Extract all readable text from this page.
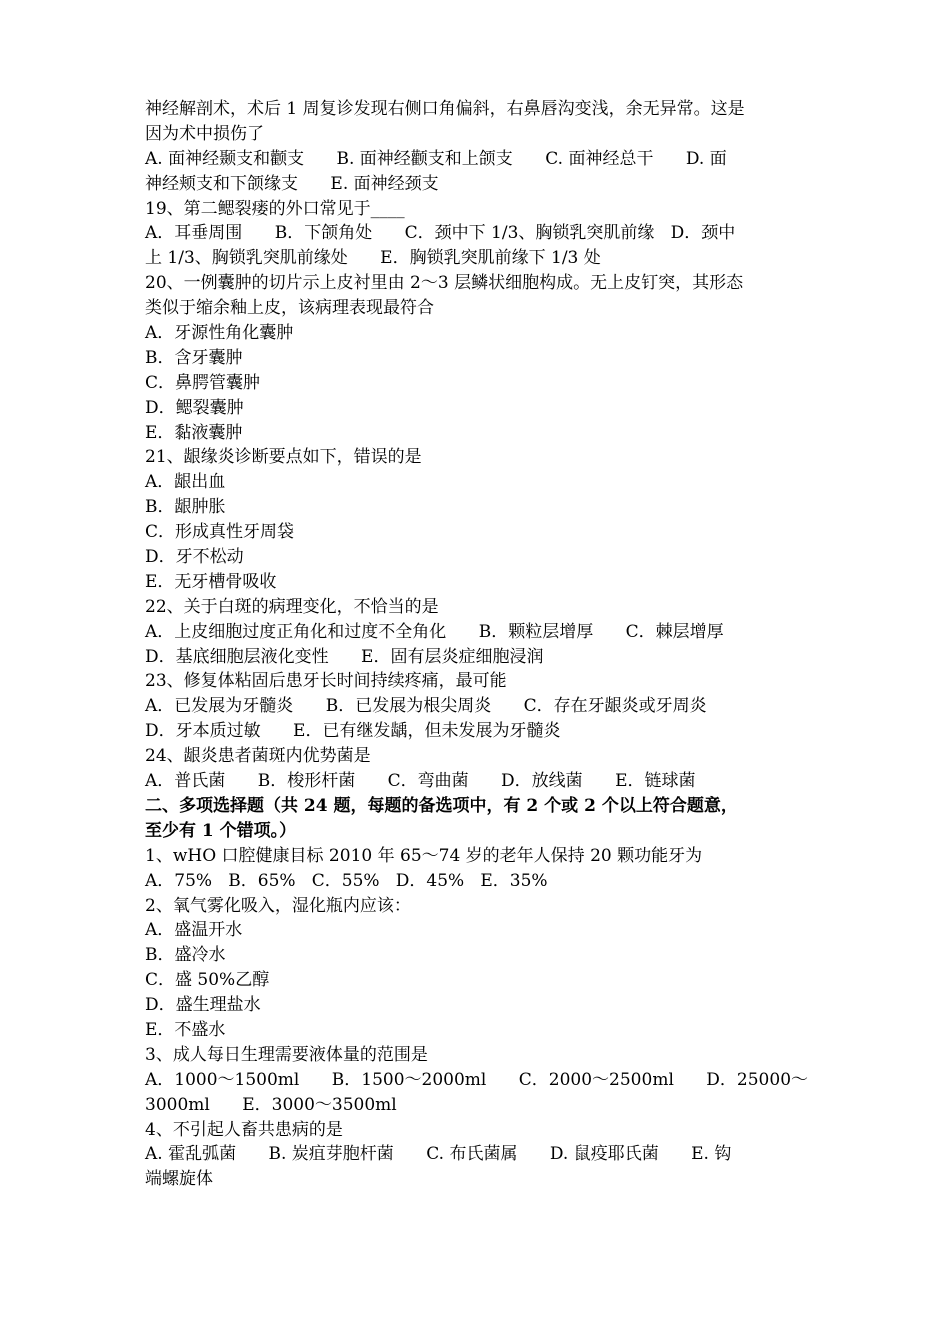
神经解剖术，术后 1 周复诊发现右侧口角偏斜，右鼻唇沟变浅，余无异常。这是
因为术中损伤了
A. 面神经颞支和颧支      B. 面神经颧支和上颌支      C. 面神经总干      D. 面
神经颊支和下颌缘支      E. 面神经颈支
19、第二鳃裂瘘的外口常见于____
A．耳垂周围      B．下颌角处      C．颈中下 1/3、胸锁乳突肌前缘   D．颈中
上 1/3、胸锁乳突肌前缘处      E．胸锁乳突肌前缘下 1/3 处
20、一例囊肿的切片示上皮衬里由 2～3 层鳞状细胞构成。无上皮钉突，其形态
类似于缩余釉上皮，该病理表现最符合
A．牙源性角化囊肿
B．含牙囊肿
C．鼻腭管囊肿
D．鳃裂囊肿
E．黏液囊肿
21、龈缘炎诊断要点如下，错误的是
A．龈出血
B．龈肿胀
C．形成真性牙周袋
D．牙不松动
E．无牙槽骨吸收
22、关于白斑的病理变化，不恰当的是
A．上皮细胞过度正角化和过度不全角化      B．颗粒层增厚      C．棘层增厚
D．基底细胞层液化变性      E．固有层炎症细胞浸润
23、修复体粘固后患牙长时间持续疼痛，最可能
A．已发展为牙髓炎      B．已发展为根尖周炎      C．存在牙龈炎或牙周炎
D．牙本质过敏      E．已有继发龋，但未发展为牙髓炎
24、龈炎患者菌斑内优势菌是
A．普氏菌      B．梭形杆菌      C．弯曲菌      D．放线菌      E．链球菌
二、多项选择题（共 24 题，每题的备选项中，有 2 个或 2 个以上符合题意，
至少有 1 个错项。）
1、wHO 口腔健康目标 2010 年 65～74 岁的老年人保持 20 颗功能牙为
A．75%   B．65%   C．55%   D．45%   E．35%
2、氧气雾化吸入，湿化瓶内应该：
A．盛温开水
B．盛冷水
C．盛 50%乙醇
D．盛生理盐水
E．不盛水
3、成人每日生理需要液体量的范围是
A．1000～1500ml      B．1500～2000ml      C．2000～2500ml      D．25000～
3000ml      E．3000～3500ml
4、不引起人畜共患病的是
A. 霍乱弧菌      B. 炭疽芽胞杆菌      C. 布氏菌属      D. 鼠疫耶氏菌      E. 钩
端螺旋体
